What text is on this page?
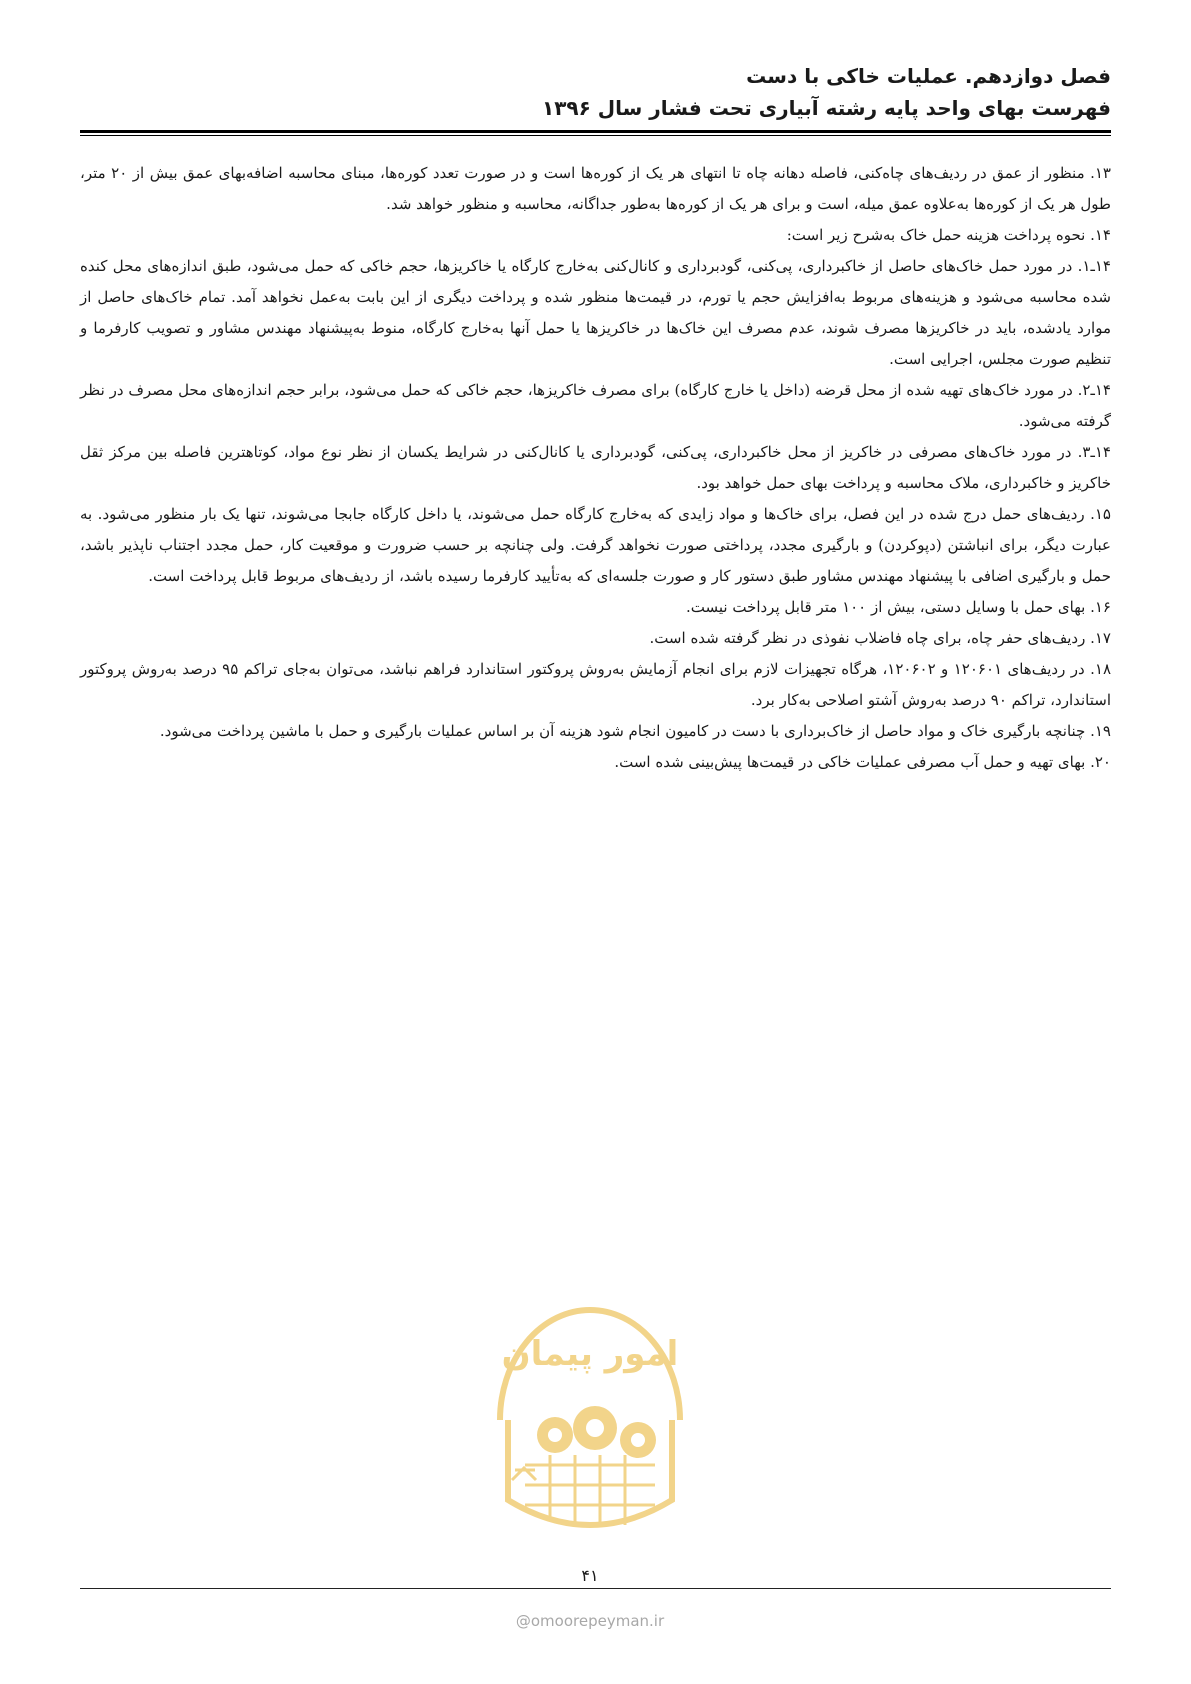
فصل دوازدهم. عملیات خاکی با دست

فهرست بهای واحد پایه رشته آبیاری تحت فشار سال ۱۳۹۶

۱۳. منظور از عمق در ردیف‌های چاه‌کنی، فاصله دهانه چاه تا انتهای هر یک از کوره‌ها است و در صورت تعدد کوره‌ها، مبنای محاسبه اضافه‌بهای عمق بیش از ۲۰ متر، طول هر یک از کوره‌ها به‌علاوه عمق میله، است و برای هر یک از کوره‌ها به‌طور جداگانه، محاسبه و منظور خواهد شد.

۱۴. نحوه پرداخت هزینه حمل خاک به‌شرح زیر است:

۱۴ـ۱. در مورد حمل خاک‌های حاصل از خاکبرداری، پی‌کنی، گودبرداری و کانال‌کنی به‌خارج کارگاه یا خاکریزها، حجم خاکی که حمل می‌شود، طبق اندازه‌های محل کنده شده محاسبه می‌شود و هزینه‌های مربوط به‌افزایش حجم یا تورم، در قیمت‌ها منظور شده و پرداخت دیگری از این بابت به‌عمل نخواهد آمد. تمام خاک‌های حاصل از موارد یادشده، باید در خاکریزها مصرف شوند، عدم مصرف این خاک‌ها در خاکریزها یا حمل آنها به‌خارج کارگاه، منوط به‌پیشنهاد مهندس مشاور و تصویب کارفرما و تنظیم صورت مجلس، اجرایی است.

۱۴ـ۲. در مورد خاک‌های تهیه شده از محل قرضه (داخل یا خارج کارگاه) برای مصرف خاکریزها، حجم خاکی که حمل می‌شود، برابر حجم اندازه‌های محل مصرف در نظر گرفته می‌شود.

۱۴ـ۳. در مورد خاک‌های مصرفی در خاکریز از محل خاکبرداری، پی‌کنی، گودبرداری یا کانال‌کنی در شرایط یکسان از نظر نوع مواد، کوتاهترین فاصله بین مرکز ثقل خاکریز و خاکبرداری، ملاک محاسبه و پرداخت بهای حمل خواهد بود.

۱۵. ردیف‌های حمل درج شده در این فصل، برای خاک‌ها و مواد زایدی که به‌خارج کارگاه حمل می‌شوند، یا داخل کارگاه جابجا می‌شوند، تنها یک بار منظور می‌شود. به عبارت دیگر، برای انباشتن (دپوکردن) و بارگیری مجدد، پرداختی صورت نخواهد گرفت. ولی چنانچه بر حسب ضرورت و موقعیت کار، حمل مجدد اجتناب ناپذیر باشد، حمل و بارگیری اضافی با پیشنهاد مهندس مشاور طبق دستور کار و صورت جلسه‌ای که به‌تأیید کارفرما رسیده باشد، از ردیف‌های مربوط قابل پرداخت است.

۱۶. بهای حمل با وسایل دستی، بیش از ۱۰۰ متر قابل پرداخت نیست.

۱۷. ردیف‌های حفر چاه، برای چاه فاضلاب نفوذی در نظر گرفته شده است.

۱۸. در ردیف‌های ۱۲۰۶۰۱ و ۱۲۰۶۰۲، هرگاه تجهیزات لازم برای انجام آزمایش به‌روش پروکتور استاندارد فراهم نباشد، می‌توان به‌جای تراکم ۹۵ درصد به‌روش پروکتور استاندارد، تراکم ۹۰ درصد به‌روش آشتو اصلاحی به‌کار برد.

۱۹. چنانچه بارگیری خاک و مواد حاصل از خاک‌برداری با دست در کامیون انجام شود هزینه آن بر اساس عملیات بارگیری و حمل با ماشین پرداخت می‌شود.

۲۰. بهای تهیه و حمل آب مصرفی عملیات خاکی در قیمت‌ها پیش‌بینی شده است.

امور پیمان
۴۱
@omoorepeyman.ir
